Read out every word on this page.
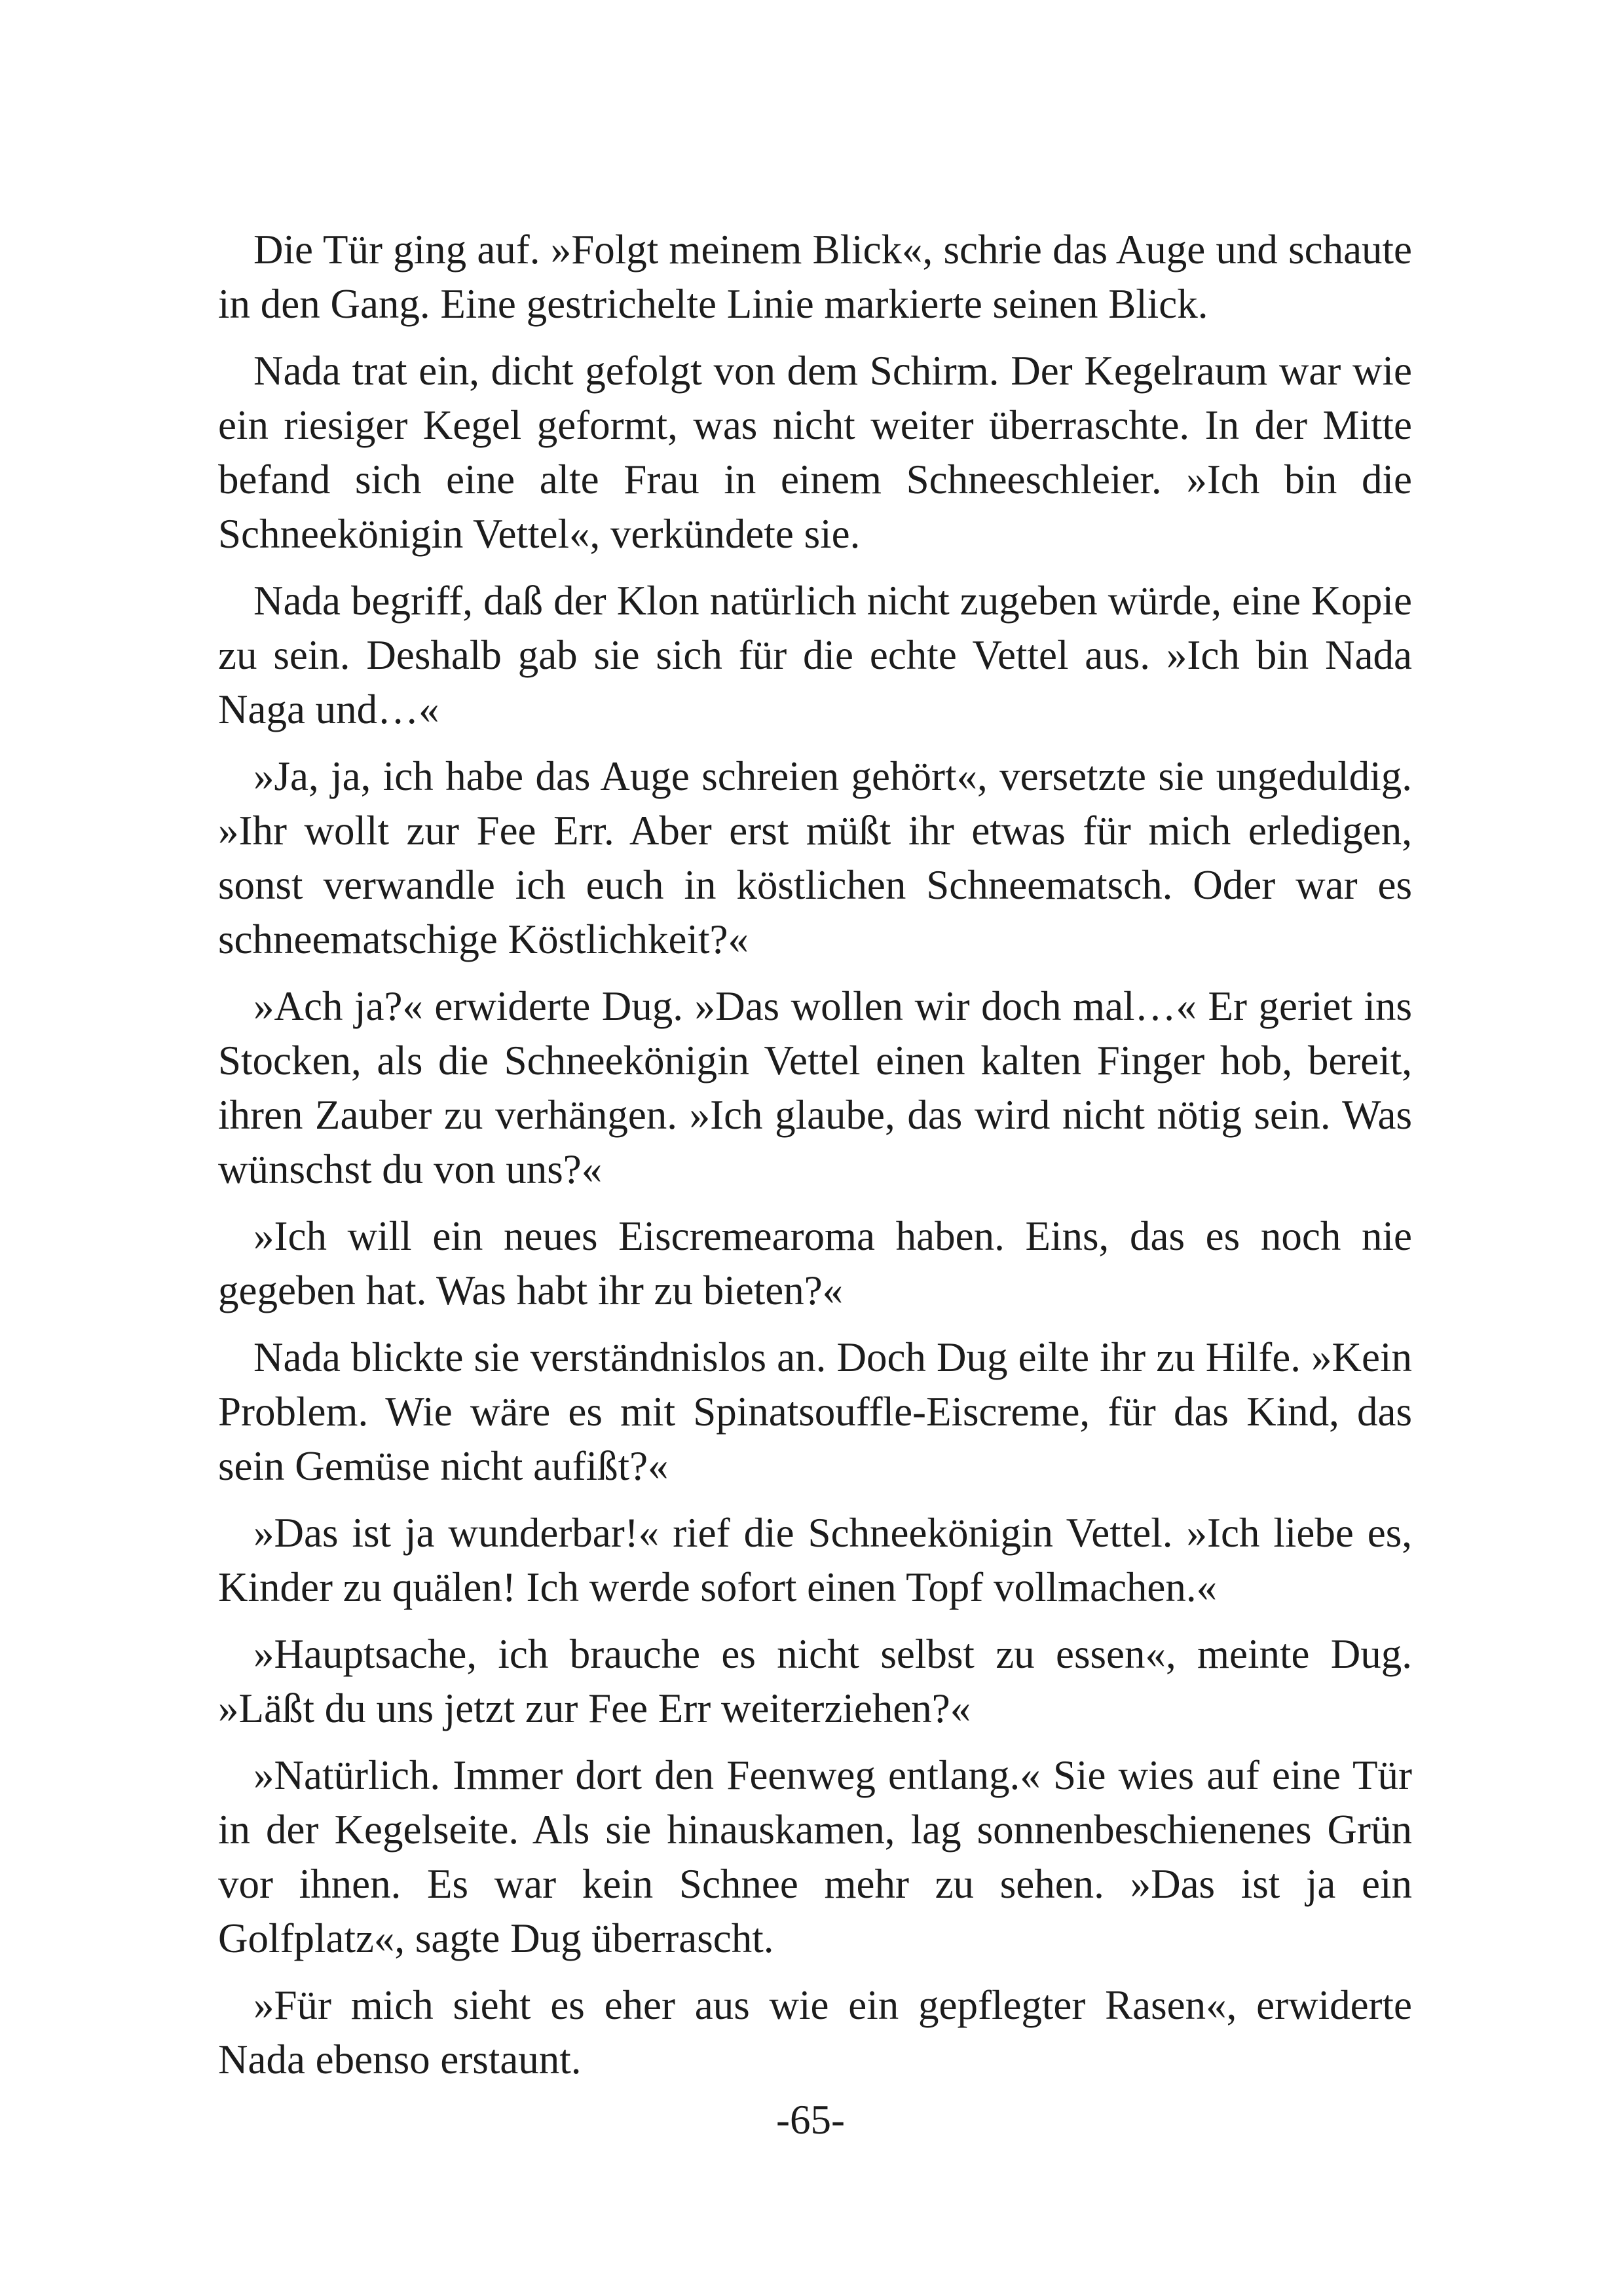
Die Tür ging auf. »Folgt meinem Blick«, schrie das Auge und schaute in den Gang. Eine gestrichelte Linie markierte seinen Blick.

Nada trat ein, dicht gefolgt von dem Schirm. Der Kegelraum war wie ein riesiger Kegel geformt, was nicht weiter überraschte. In der Mitte befand sich eine alte Frau in einem Schneeschleier. »Ich bin die Schneekönigin Vettel«, verkündete sie.

Nada begriff, daß der Klon natürlich nicht zugeben würde, eine Kopie zu sein. Deshalb gab sie sich für die echte Vettel aus. »Ich bin Nada Naga und…«

»Ja, ja, ich habe das Auge schreien gehört«, versetzte sie ungeduldig. »Ihr wollt zur Fee Err. Aber erst müßt ihr etwas für mich erledigen, sonst verwandle ich euch in köstlichen Schneematsch. Oder war es schneematschige Köstlichkeit?«

»Ach ja?« erwiderte Dug. »Das wollen wir doch mal…« Er geriet ins Stocken, als die Schneekönigin Vettel einen kalten Finger hob, bereit, ihren Zauber zu verhängen. »Ich glaube, das wird nicht nötig sein. Was wünschst du von uns?«

»Ich will ein neues Eiscremearoma haben. Eins, das es noch nie gegeben hat. Was habt ihr zu bieten?«

Nada blickte sie verständnislos an. Doch Dug eilte ihr zu Hilfe. »Kein Problem. Wie wäre es mit Spinatsouffle-Eiscreme, für das Kind, das sein Gemüse nicht aufißt?«

»Das ist ja wunderbar!« rief die Schneekönigin Vettel. »Ich liebe es, Kinder zu quälen! Ich werde sofort einen Topf vollmachen.«

»Hauptsache, ich brauche es nicht selbst zu essen«, meinte Dug. »Läßt du uns jetzt zur Fee Err weiterziehen?«

»Natürlich. Immer dort den Feenweg entlang.« Sie wies auf eine Tür in der Kegelseite. Als sie hinauskamen, lag sonnenbeschienenes Grün vor ihnen. Es war kein Schnee mehr zu sehen. »Das ist ja ein Golfplatz«, sagte Dug überrascht.

»Für mich sieht es eher aus wie ein gepflegter Rasen«, erwiderte Nada ebenso erstaunt.

-65-
